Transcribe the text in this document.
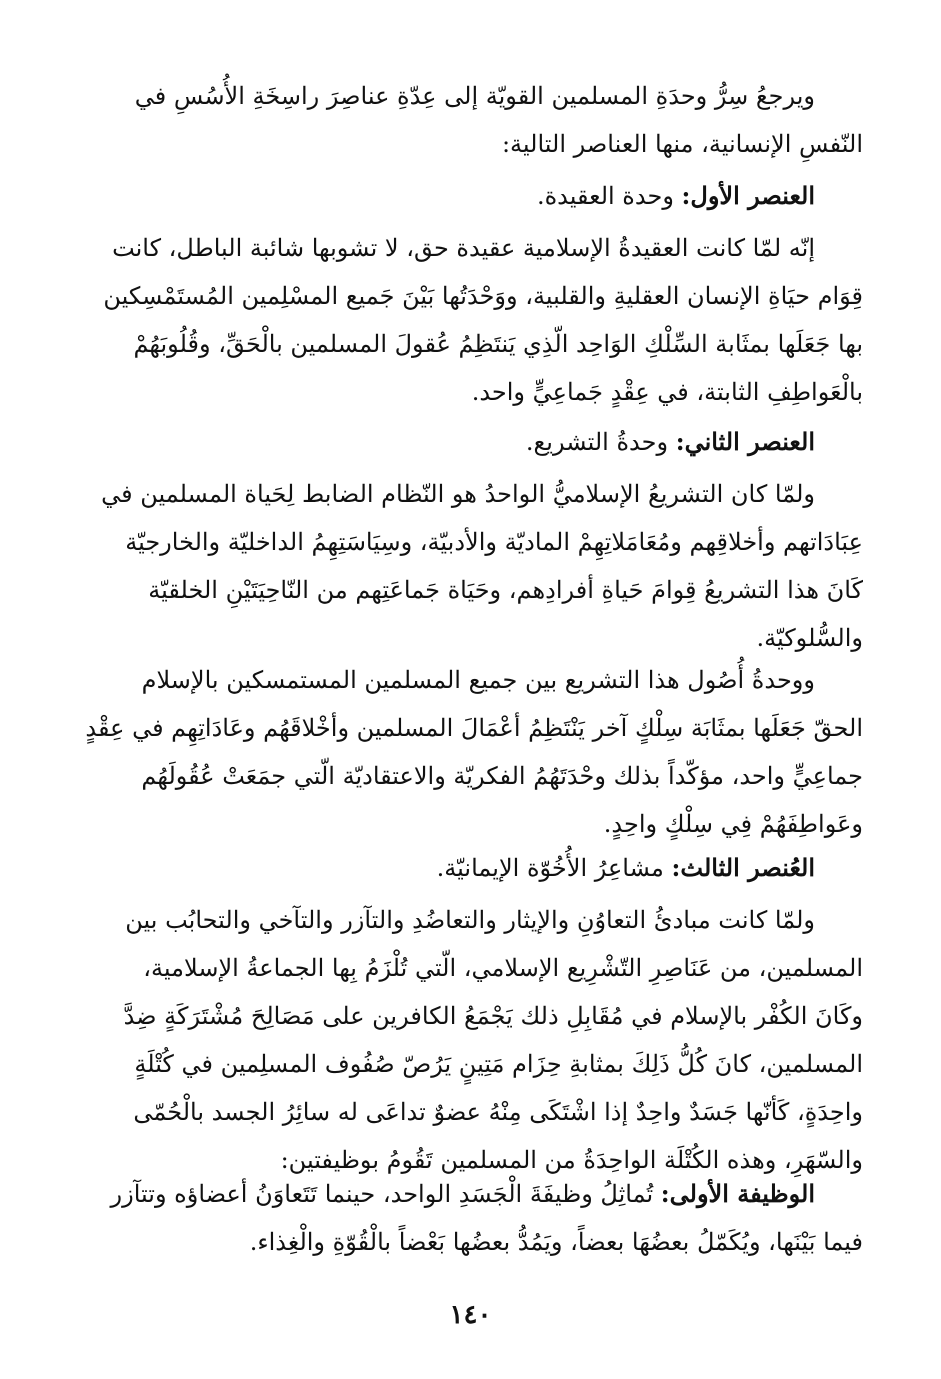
ويرجعُ سِرُّ وحدَةِ المسلمين القويّة إلى عِدّةِ عناصِرَ راسِخَةِ الأُسُسِ في
النّفسِ الإنسانية، منها العناصر التالية:
العنصر الأول: وحدة العقيدة.
إنّه لمّا كانت العقيدةُ الإسلامية عقيدة حق، لا تشوبها شائبة الباطل، كانت
قِوَام حيَاةِ الإنسان العقليةِ والقلبية، ووَحْدَتُها بَيْنَ جَميع المسْلِمين المُستَمْسِكين
بها جَعَلَها بمثَابة السِّلْكِ الوَاحِد الّذِي يَنتَظِمُ عُقولَ المسلمين بالْحَقِّ، وقُلُوبَهُمْ
بالْعَواطِفِ الثابتة، في عِقْدٍ جَماعِيٍّ واحد.
العنصر الثاني: وحدةُ التشريع.
ولمّا كان التشريعُ الإسلاميُّ الواحدُ هو النّظام الضابط لِحَياة المسلمين في
عِبَادَاتهم وأخلاقِهم ومُعَامَلاتِهِمْ الماديّة والأدبيّة، وسِيَاسَتِهِمُ الداخليّة والخارجيّة
كَانَ هذا التشريعُ قِوامَ حَياةِ أفرادِهم، وحَيَاة جَماعَتِهم من النّاحِيَتَيْنِ الخلقيّة
والسُّلوكيّة.
ووحدةُ أُصُول هذا التشريع بين جميع المسلمين المستمسكين بالإسلام
الحقّ جَعَلَها بمثَابَة سِلْكٍ آخر يَنْتَظِمُ أعْمَالَ المسلمين وأخْلاقَهُم وعَادَاتِهِم في عِقْدٍ
جماعِيٍّ واحد، مؤكّداً بذلك وحْدَتَهُمُ الفكريّة والاعتقاديّة الّتي جمَعَتْ عُقُولَهُم
وعَواطِفَهُمْ فِي سِلْكٍ واحِدٍ.
العُنصر الثالث: مشاعِرُ الأُخُوّة الإيمانيّة.
ولمّا كانت مبادئُ التعاوُنِ والإيثار والتعاضُدِ والتآزر والتآخي والتحابُب بين
المسلمين، من عَنَاصِرِ التّشْرِيع الإسلامي، الّتي تُلْزَمُ بِها الجماعةُ الإسلامية،
وكَانَ الكُفْر بالإسلام في مُقَابِلِ ذلك يَجْمَعُ الكافرين على مَصَالِحَ مُشْتَرَكَةٍ ضِدَّ
المسلمين، كانَ كُلُّ ذَلِكَ بمثابةِ حِزَام مَتِينٍ يَرُصّ صُفُوف المسلِمين في كُتْلَةٍ
واحِدَةٍ، كَأنّها جَسَدٌ واحِدٌ إذا اشْتَكَى مِنْهُ عضوٌ تداعَى له سائِرُ الجسد بالْحُمّى
والسّهَرِ، وهذه الكُتْلَة الواحِدَةُ من المسلمين تَقُومُ بوظيفتين:
الوظيفة الأولى: تُماثِلُ وظيفَةَ الْجَسَدِ الواحد، حينما تَتَعاوَنُ أعضاؤه وتتآزر
فيما بَيْنَها، ويُكَمّلُ بعضُهَا بعضاً، ويَمُدُّ بعضُها بَعْضاً بالْقُوّةِ والْغِذاء.
١٤٠
